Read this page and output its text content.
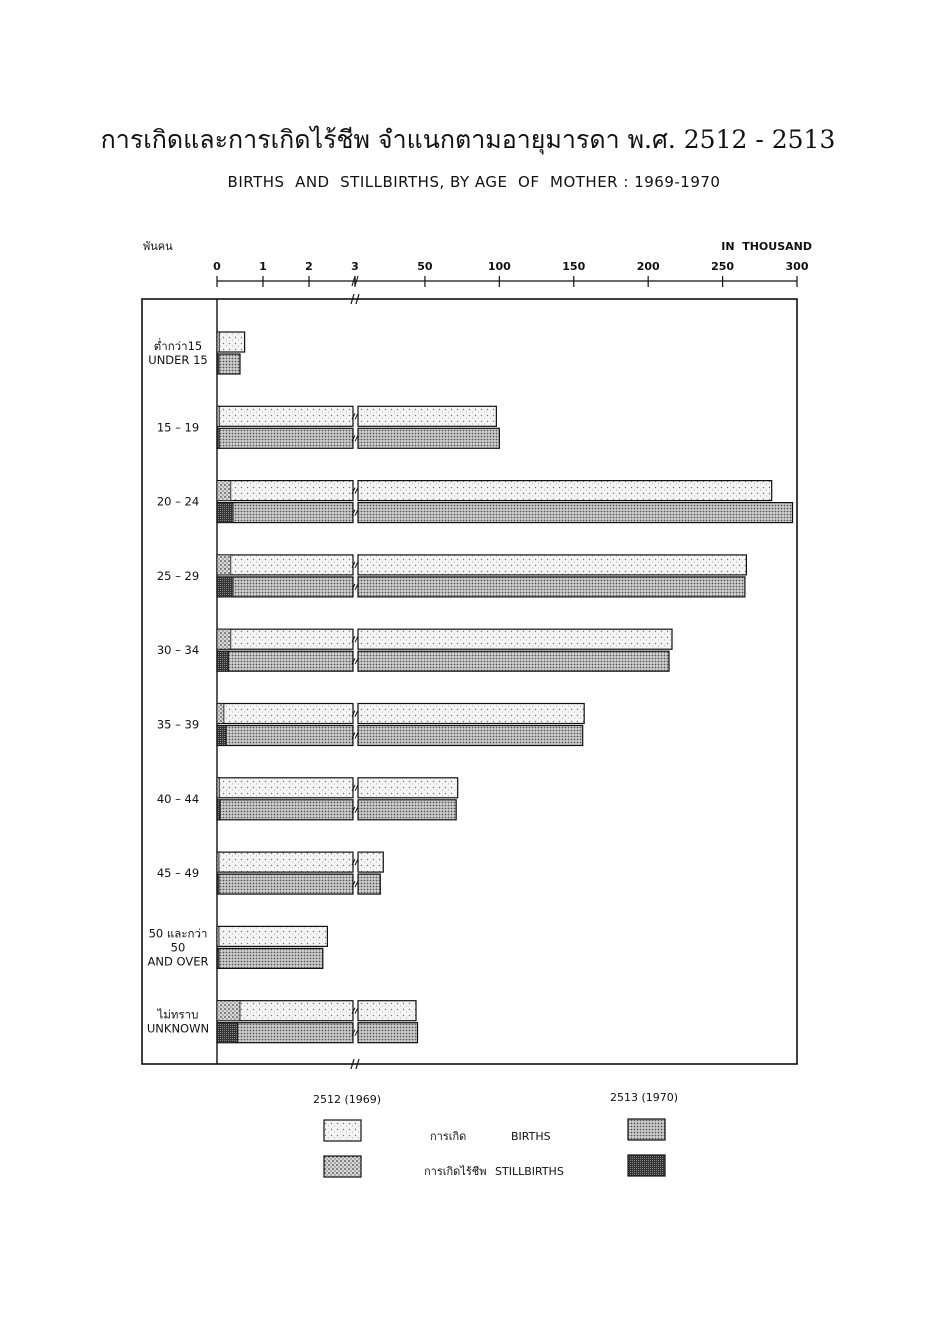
การเกิดและการเกิดไร้ชีพ จำแนกตามอายุมารดา พ.ศ. 2512 - 2513
BIRTHS  AND  STILLBIRTHS, BY AGE  OF  MOTHER : 1969-1970
พันคน	IN  THOUSAND
0	1	2	3	50	100	150	200	250	300
ต่ำกว่า15
UNDER 15
15 – 19
20 – 24
25 – 29
30 – 34
35 – 39
40 – 44
45 – 49
50 และกว่า
50
AND OVER
ไม่ทราบ
UNKNOWN
2512 (1969)	2513 (1970)
การเกิด	BIRTHS
การเกิดไร้ชีพ STILLBIRTHS
